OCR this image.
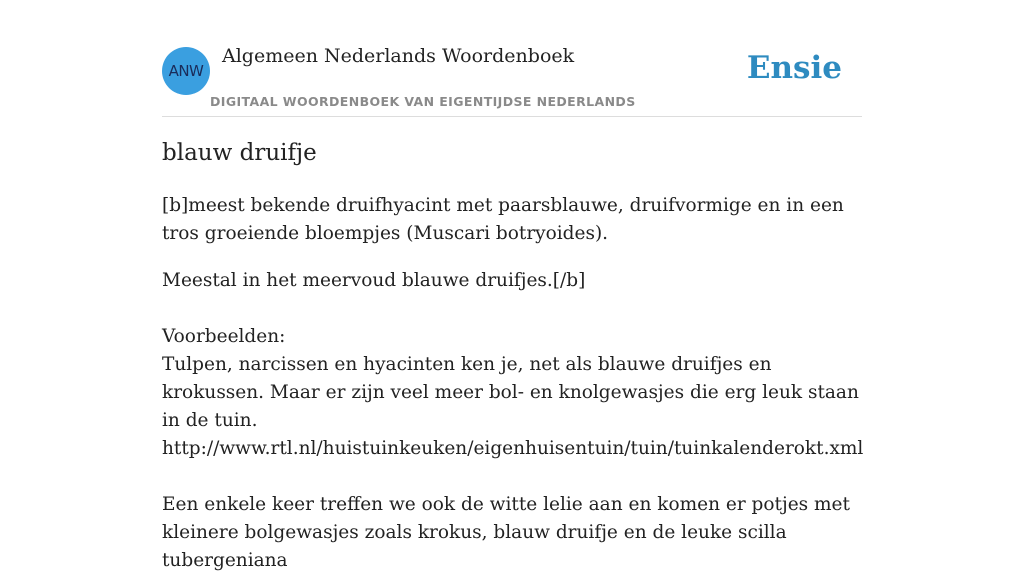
ANW
Algemeen Nederlands Woordenboek
DIGITAAL WOORDENBOEK VAN EIGENTIJDSE NEDERLANDS
Ensie
blauw druifje

[b]meest bekende druifhyacint met paarsblauwe, druifvormige en in een tros groeiende bloempjes (Muscari botryoides).

Meestal in het meervoud blauwe druifjes.[/b]

Voorbeelden:

Tulpen, narcissen en hyacinten ken je, net als blauwe druifjes en krokussen. Maar er zijn veel meer bol- en knolgewasjes die erg leuk staan in de tuin.

http://www.rtl.nl/huistuinkeuken/eigenhuisentuin/tuin/tuinkalenderokt.xml

Een enkele keer treffen we ook de witte lelie aan en komen er potjes met kleinere bolgewasjes zoals krokus, blauw druifje en de leuke scilla tubergeniana
